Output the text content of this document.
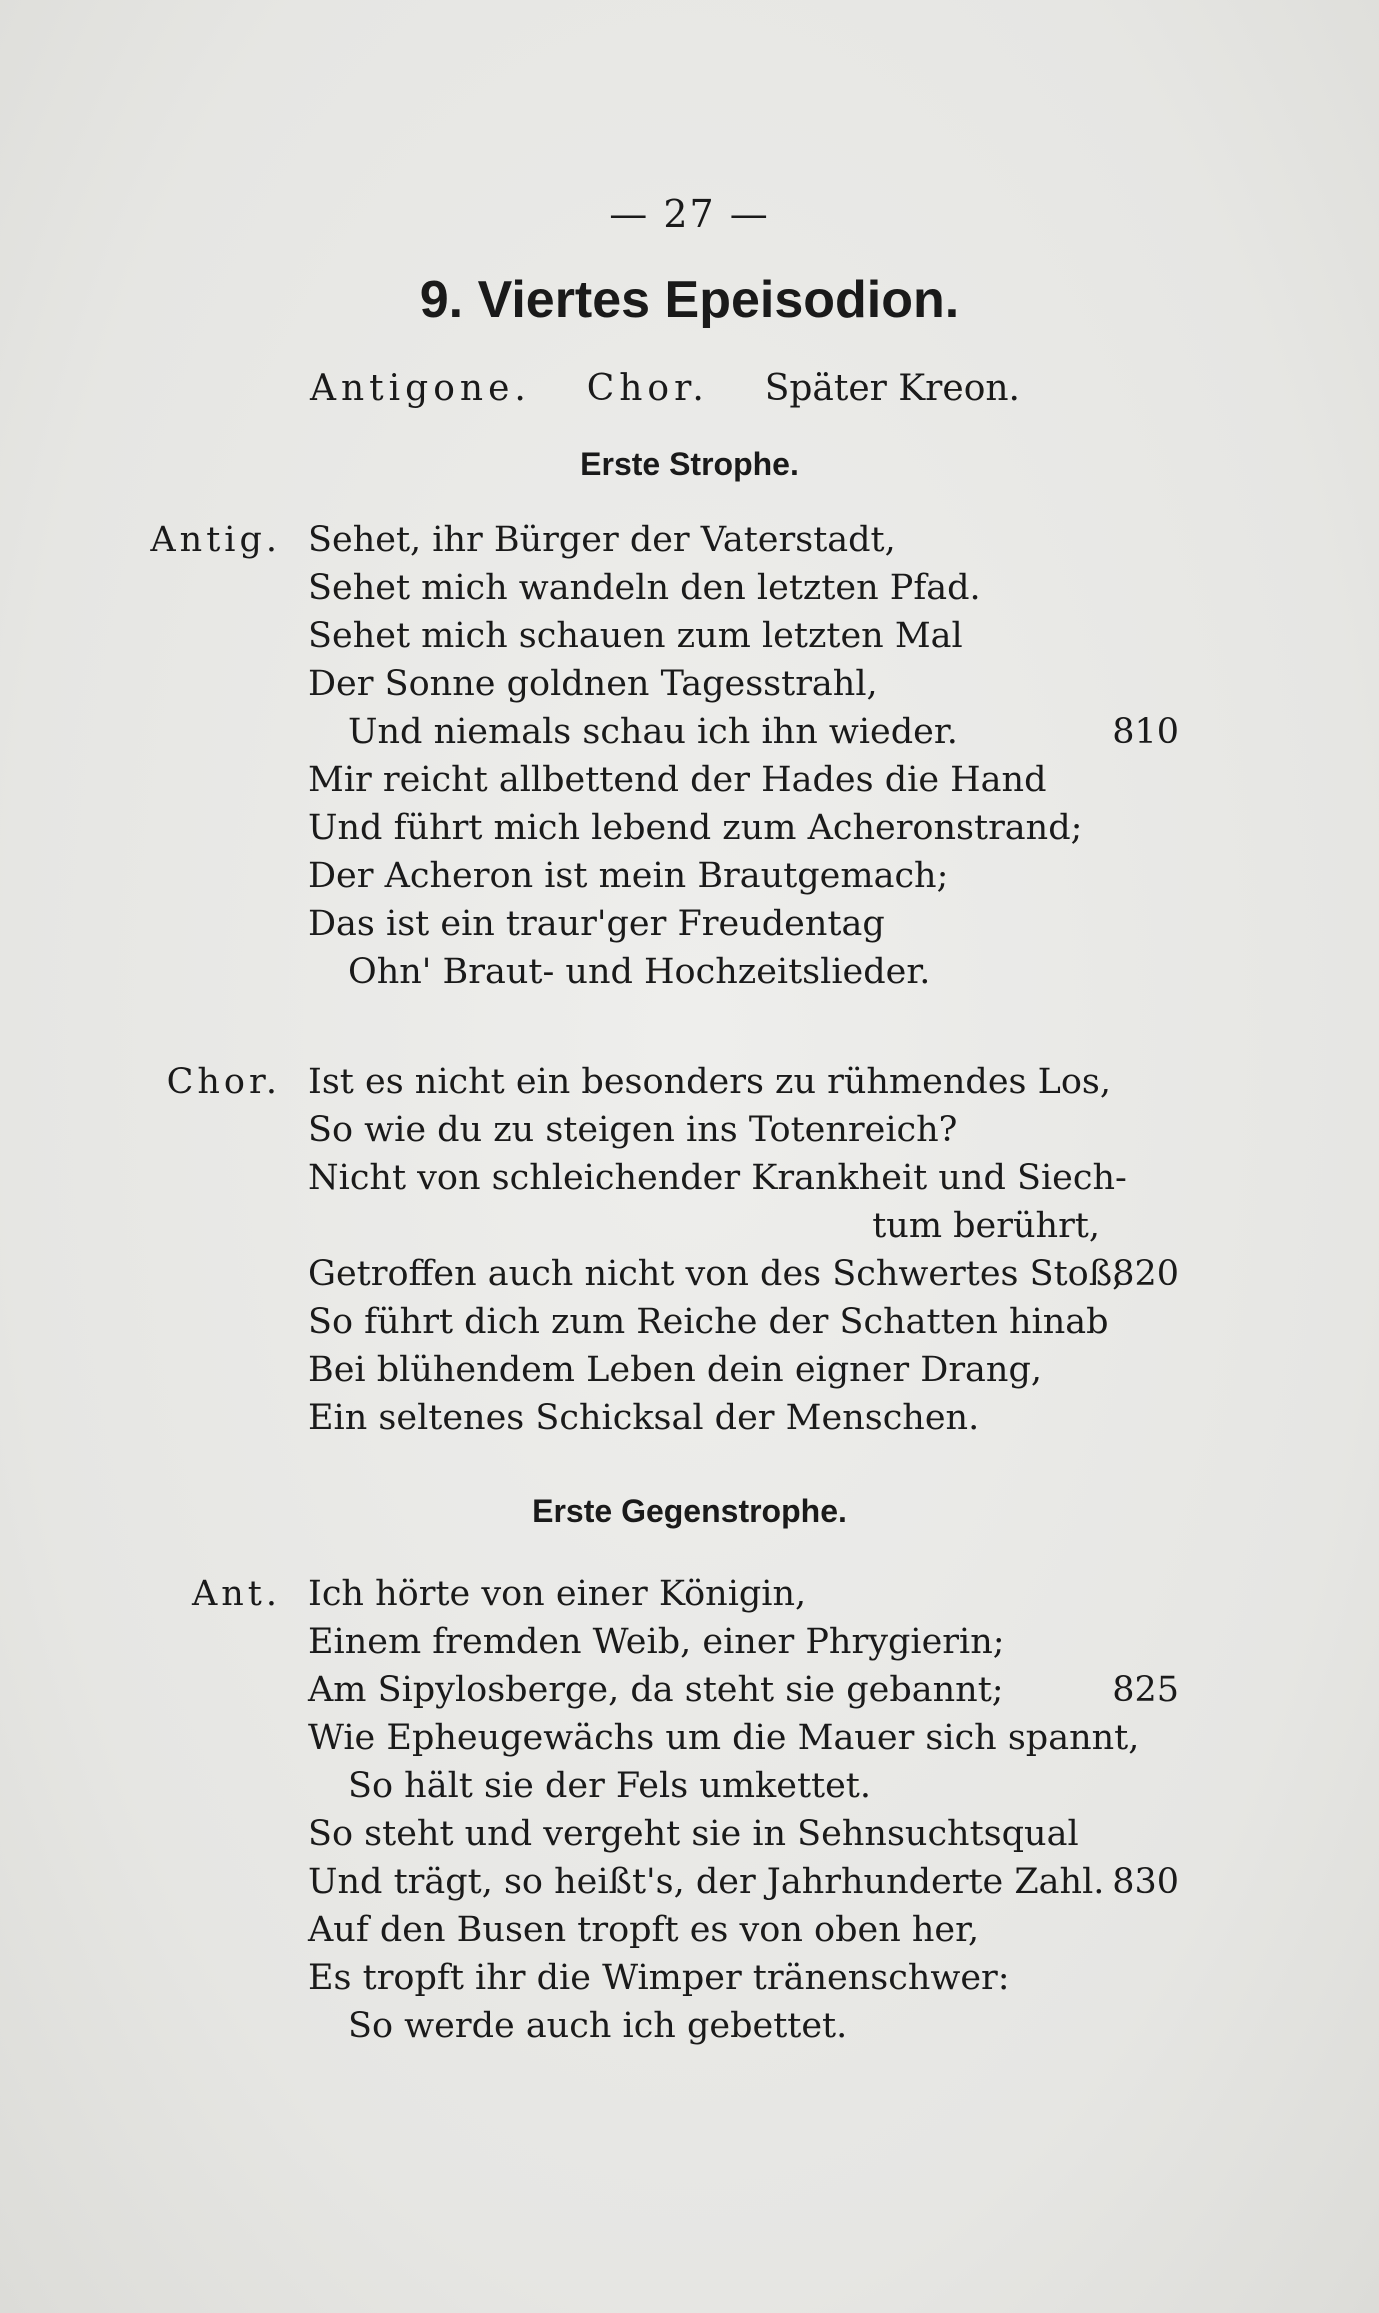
— 27 —
9. Viertes Epeisodion.
Antigone. Chor. Später Kreon.
Erste Strophe.
Antig. Sehet, ihr Bürger der Vaterstadt,
Sehet mich wandeln den letzten Pfad.
Sehet mich schauen zum letzten Mal
Der Sonne goldnen Tagesstrahl,
Und niemals schau ich ihn wieder.	810
Mir reicht allbettend der Hades die Hand
Und führt mich lebend zum Acheronstrand;
Der Acheron ist mein Brautgemach;
Das ist ein traur'ger Freudentag
Ohn' Braut- und Hochzeitslieder.
Chor. Ist es nicht ein besonders zu rühmendes Los,
So wie du zu steigen ins Totenreich?
Nicht von schleichender Krankheit und Siech-
tum berührt,
Getroffen auch nicht von des Schwertes Stoß,
820
So führt dich zum Reiche der Schatten hinab
Bei blühendem Leben dein eigner Drang,
Ein seltenes Schicksal der Menschen.
Erste Gegenstrophe.
Ant. Ich hörte von einer Königin,
Einem fremden Weib, einer Phrygierin;
Am Sipylosberge, da steht sie gebannt;	825
Wie Epheugewächs um die Mauer sich spannt,
So hält sie der Fels umkettet.
So steht und vergeht sie in Sehnsuchtsqual
Und trägt, so heißt's, der Jahrhunderte Zahl. 830
Auf den Busen tropft es von oben her,
Es tropft ihr die Wimper tränenschwer:
So werde auch ich gebettet.
